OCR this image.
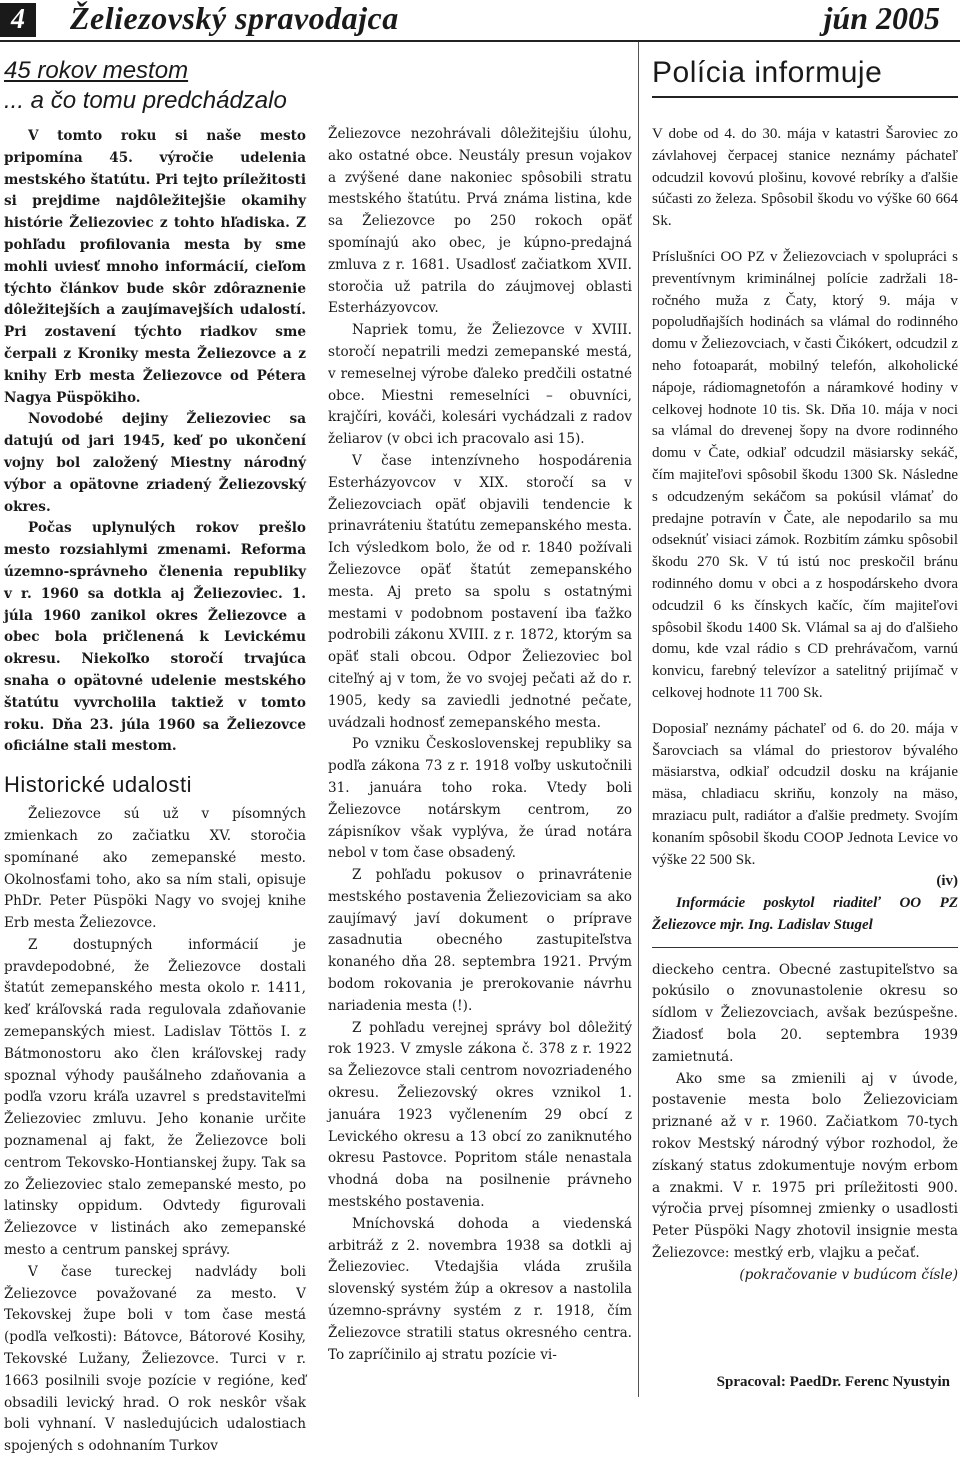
4	Želiezovský spravodajca	jún 2005
45 rokov mestom
... a čo tomu predchádzalo

V tomto roku si naše mesto pripomína 45. výročie udelenia mestského štatútu. Pri tejto príležitosti si prejdime najdôležitejšie okamihy histórie Želiezoviec z tohto hľadiska. Z pohľadu profilovania mesta by sme mohli uviesť mnoho informácií, cieľom týchto článkov bude skôr zdôraznenie dôležitejších a zaujímavejších udalostí. Pri zostavení týchto riadkov sme čerpali z Kroniky mesta Želiezovce a z knihy Erb mesta Želiezovce od Pétera Nagya Püspökiho.

Novodobé dejiny Želiezoviec sa datujú od jari 1945, keď po ukončení vojny bol založený Miestny národný výbor a opätovne zriadený Želiezovský okres.

Počas uplynulých rokov prešlo mesto rozsiahlymi zmenami. Reforma územno-správneho členenia republiky v r. 1960 sa dotkla aj Želiezoviec. 1. júla 1960 zanikol okres Želiezovce a obec bola pričlenená k Levickému okresu. Niekoľko storočí trvajúca snaha o opätovné udelenie mestského štatútu vyvrcholila taktiež v tomto roku. Dňa 23. júla 1960 sa Želiezovce oficiálne stali mestom.

Historické udalosti

Želiezovce sú už v písomných zmienkach zo začiatku XV. storočia spomínané ako zemepanské mesto. Okolnosťami toho, ako sa ním stali, opisuje PhDr. Peter Püspöki Nagy vo svojej knihe Erb mesta Želiezovce.

Z dostupných informácií je pravdepodobné, že Želiezovce dostali štatút zemepanského mesta okolo r. 1411, keď kráľovská rada regulovala zdaňovanie zemepanských miest. Ladislav Töttös I. z Bátmonostoru ako člen kráľovskej rady spoznal výhody paušálneho zdaňovania a podľa vzoru kráľa uzavrel s predstaviteľmi Želiezoviec zmluvu. Jeho konanie určite poznamenal aj fakt, že Želiezovce boli centrom Tekovsko-Hontianskej župy. Tak sa zo Želiezoviec stalo zemepanské mesto, po latinsky oppidum. Odvtedy figurovali Želiezovce v listinách ako zemepanské mesto a centrum panskej správy.

V čase tureckej nadvlády boli Želiezovce považované za mesto. V Tekovskej župe boli v tom čase mestá (podľa veľkosti): Bátovce, Bátorové Kosihy, Tekovské Lužany, Želiezovce. Turci v r. 1663 posilnili svoje pozície v regióne, keď obsadili levický hrad. O rok neskôr však boli vyhnaní. V nasledujúcich udalostiach spojených s odohnaním Turkov

Želiezovce nezohrávali dôležitejšiu úlohu, ako ostatné obce. Neustály presun vojakov a zvýšené dane nakoniec spôsobili stratu mestského štatútu. Prvá známa listina, kde sa Želiezovce po 250 rokoch opäť spomínajú ako obec, je kúpno-predajná zmluva z r. 1681. Usadlosť začiatkom XVII. storočia už patrila do záujmovej oblasti Esterházyovcov.

Napriek tomu, že Želiezovce v XVIII. storočí nepatrili medzi zemepanské mestá, v remeselnej výrobe ďaleko predčili ostatné obce. Miestni remeselníci – obuvníci, krajčíri, kováči, kolesári vychádzali z radov želiarov (v obci ich pracovalo asi 15).

V čase intenzívneho hospodárenia Esterházyovcov v XIX. storočí sa v Želiezovciach opäť objavili tendencie k prinavráteniu štatútu zemepanského mesta. Ich výsledkom bolo, že od r. 1840 požívali Želiezovce opäť štatút zemepanského mesta. Aj preto sa spolu s ostatnými mestami v podobnom postavení iba ťažko podrobili zákonu XVIII. z r. 1872, ktorým sa opäť stali obcou. Odpor Želiezoviec bol citeľný aj v tom, že vo svojej pečati až do r. 1905, kedy sa zaviedli jednotné pečate, uvádzali hodnosť zemepanského mesta.

Po vzniku Československej republiky sa podľa zákona 73 z r. 1918 voľby uskutočnili 31. januára toho roka. Vtedy boli Želiezovce notárskym centrom, zo zápisníkov však vyplýva, že úrad notára nebol v tom čase obsadený.

Z pohľadu pokusov o prinavrátenie mestského postavenia Želiezoviciam sa ako zaujímavý javí dokument o príprave zasadnutia obecného zastupiteľstva konaného dňa 28. septembra 1921. Prvým bodom rokovania je prerokovanie návrhu nariadenia mesta (!).

Z pohľadu verejnej správy bol dôležitý rok 1923. V zmysle zákona č. 378 z r. 1922 sa Želiezovce stali centrom novozriadeného okresu. Želiezovský okres vznikol 1. januára 1923 vyčlenením 29 obcí z Levického okresu a 13 obcí zo zaniknutého okresu Pastovce. Popritom stále nenastala vhodná doba na posilnenie právneho mestského postavenia.

Mníchovská dohoda a viedenská arbitráž z 2. novembra 1938 sa dotkli aj Želiezoviec. Vtedajšia vláda zrušila slovenský systém žúp a okresov a nastolila územno-správny systém z r. 1918, čím Želiezovce stratili status okresného centra. To zapríčinilo aj stratu pozície vi-

Polícia informuje

V dobe od 4. do 30. mája v katastri Šaroviec zo závlahovej čerpacej stanice neznámy páchateľ odcudzil kovovú plošinu, kovové rebríky a ďalšie súčasti zo železa. Spôsobil škodu vo výške 60 664 Sk.

Príslušníci OO PZ v Želiezovciach v spolupráci s preventívnym kriminálnej polície zadržali 18-ročného muža z Čaty, ktorý 9. mája v popoludňajších hodinách sa vlámal do rodinného domu v Želiezovciach, v časti Čikókert, odcudzil z neho fotoaparát, mobilný telefón, alkoholické nápoje, rádiomagnetofón a náramkové hodiny v celkovej hodnote 10 tis. Sk. Dňa 10. mája v noci sa vlámal do drevenej šopy na dvore rodinného domu v Čate, odkiaľ odcudzil mäsiarsky sekáč, čím majiteľovi spôsobil škodu 1300 Sk. Následne s odcudzeným sekáčom sa pokúsil vlámať do predajne potravín v Čate, ale nepodarilo sa mu odseknúť visiaci zámok. Rozbitím zámku spôsobil škodu 270 Sk. V tú istú noc preskočil bránu rodinného domu v obci a z hospodárskeho dvora odcudzil 6 ks čínskych kačíc, čím majiteľovi spôsobil škodu 1400 Sk. Vlámal sa aj do ďalšieho domu, kde vzal rádio s CD prehrávačom, varnú konvicu, farebný televízor a satelitný prijímač v celkovej hodnote 11 700 Sk.

Doposiaľ neznámy páchateľ od 6. do 20. mája v Šarovciach sa vlámal do priestorov bývalého mäsiarstva, odkiaľ odcudzil dosku na krájanie mäsa, chladiacu skriňu, konzoly na mäso, mraziacu pult, radiátor a ďalšie predmety. Svojím konaním spôsobil škodu COOP Jednota Levice vo výške 22 500 Sk.

(iv)

Informácie poskytol riaditeľ OO PZ Želiezovce mjr. Ing. Ladislav Stugel

dieckeho centra. Obecné zastupiteľstvo sa pokúsilo o znovunastolenie okresu so sídlom v Želiezovciach, avšak bezúspešne. Žiadosť bola 20. septembra 1939 zamietnutá.

Ako sme sa zmienili aj v úvode, postavenie mesta bolo Želiezoviciam priznané až v r. 1960. Začiatkom 70-tych rokov Mestský národný výbor rozhodol, že získaný status zdokumentuje novým erbom a znakmi. V r. 1975 pri príležitosti 900. výročia prvej písomnej zmienky o usadlosti Peter Püspöki Nagy zhotovil insignie mesta Želiezovce: mestký erb, vlajku a pečať.

(pokračovanie v budúcom čísle)

Spracoval: PaedDr. Ferenc Nyustyin
